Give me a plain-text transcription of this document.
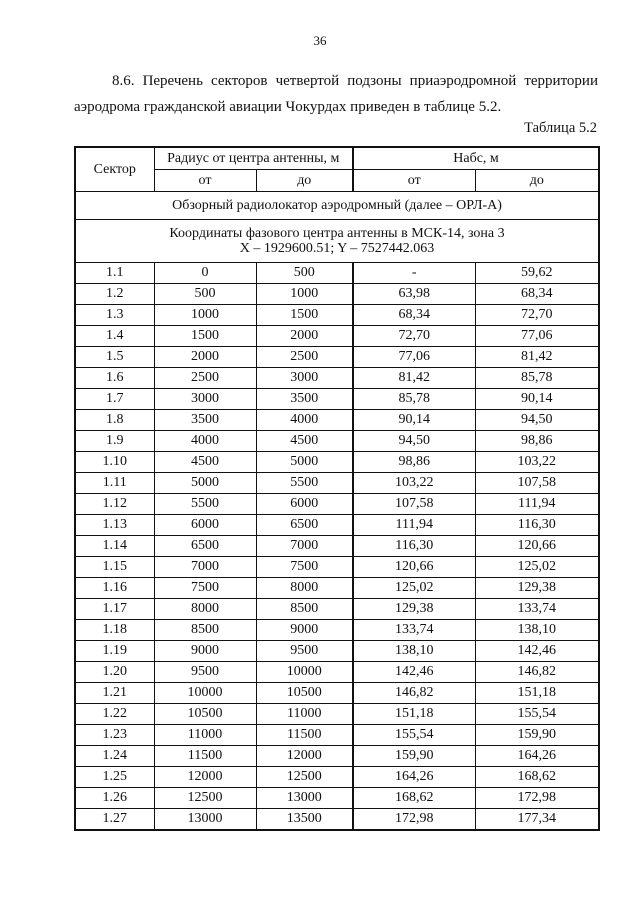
36

8.6. Перечень секторов четвертой подзоны приаэродромной территории аэродрома гражданской авиации Чокурдах приведен в таблице 5.2.

Таблица 5.2
Сектор	Радиус от центра антенны, м		Набс, м	
	от	до	от	до
Обзорный радиолокатор аэродромный (далее – ОРЛ-А)				

Координаты фазового центра антенны в МСК-14, зона 3
X – 1929600.51; Y – 7527442.063				

1.1	0	500	-	59,62
1.2	500	1000	63,98	68,34
1.3	1000	1500	68,34	72,70
1.4	1500	2000	72,70	77,06
1.5	2000	2500	77,06	81,42
1.6	2500	3000	81,42	85,78
1.7	3000	3500	85,78	90,14
1.8	3500	4000	90,14	94,50
1.9	4000	4500	94,50	98,86
1.10	4500	5000	98,86	103,22
1.11	5000	5500	103,22	107,58
1.12	5500	6000	107,58	111,94
1.13	6000	6500	111,94	116,30
1.14	6500	7000	116,30	120,66
1.15	7000	7500	120,66	125,02
1.16	7500	8000	125,02	129,38
1.17	8000	8500	129,38	133,74
1.18	8500	9000	133,74	138,10
1.19	9000	9500	138,10	142,46
1.20	9500	10000	142,46	146,82
1.21	10000	10500	146,82	151,18
1.22	10500	11000	151,18	155,54
1.23	11000	11500	155,54	159,90
1.24	11500	12000	159,90	164,26
1.25	12000	12500	164,26	168,62
1.26	12500	13000	168,62	172,98
1.27	13000	13500	172,98	177,34
